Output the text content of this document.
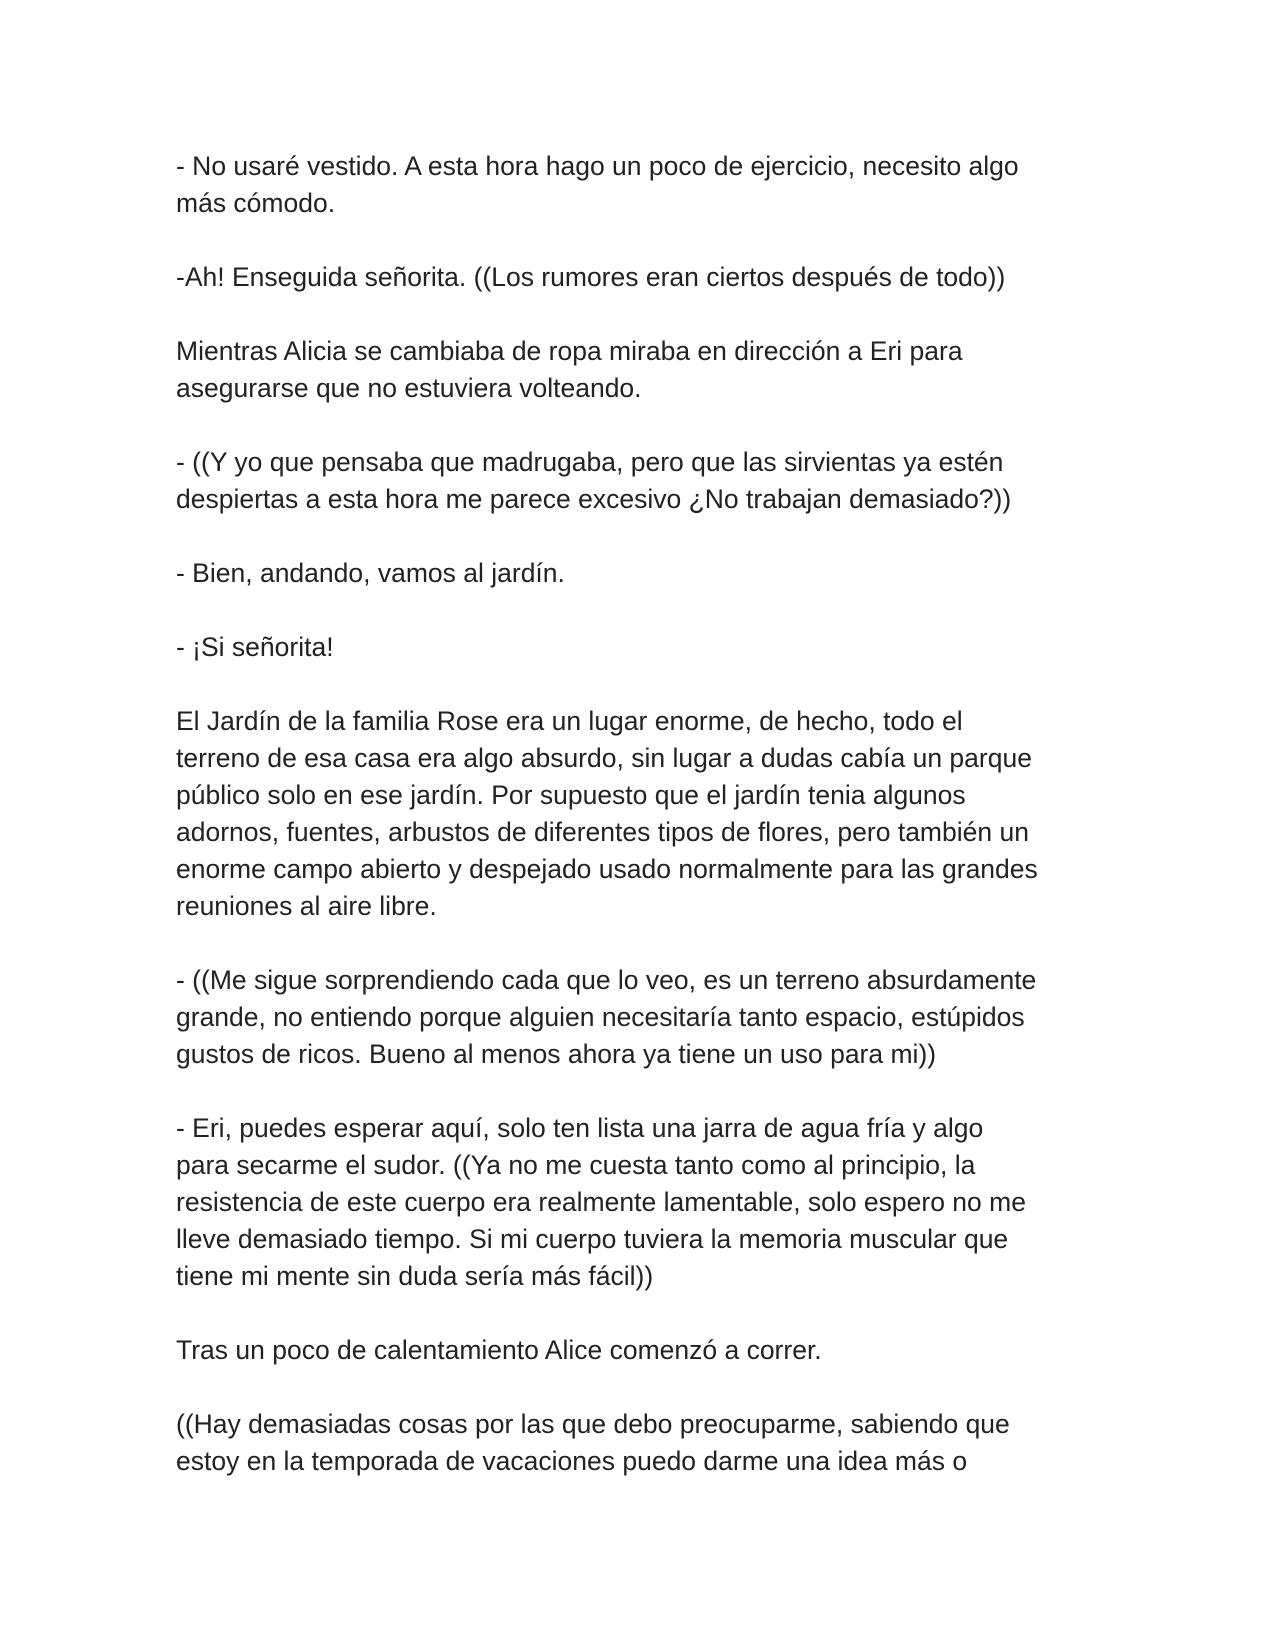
- No usaré vestido. A esta hora hago un poco de ejercicio, necesito algo
más cómodo.

-Ah! Enseguida señorita. ((Los rumores eran ciertos después de todo))

Mientras Alicia se cambiaba de ropa miraba en dirección a Eri para
asegurarse que no estuviera volteando.

- ((Y yo que pensaba que madrugaba, pero que las sirvientas ya estén
despiertas a esta hora me parece excesivo ¿No trabajan demasiado?))

- Bien, andando, vamos al jardín.

- ¡Si señorita!

El Jardín de la familia Rose era un lugar enorme, de hecho, todo el
terreno de esa casa era algo absurdo, sin lugar a dudas cabía un parque
público solo en ese jardín. Por supuesto que el jardín tenia algunos
adornos, fuentes, arbustos de diferentes tipos de flores, pero también un
enorme campo abierto y despejado usado normalmente para las grandes
reuniones al aire libre.

- ((Me sigue sorprendiendo cada que lo veo, es un terreno absurdamente
grande, no entiendo porque alguien necesitaría tanto espacio, estúpidos
gustos de ricos. Bueno al menos ahora ya tiene un uso para mi))

- Eri, puedes esperar aquí, solo ten lista una jarra de agua fría y algo
para secarme el sudor. ((Ya no me cuesta tanto como al principio, la
resistencia de este cuerpo era realmente lamentable, solo espero no me
lleve demasiado tiempo. Si mi cuerpo tuviera la memoria muscular que
tiene mi mente sin duda sería más fácil))

Tras un poco de calentamiento Alice comenzó a correr.

((Hay demasiadas cosas por las que debo preocuparme, sabiendo que
estoy en la temporada de vacaciones puedo darme una idea más o
